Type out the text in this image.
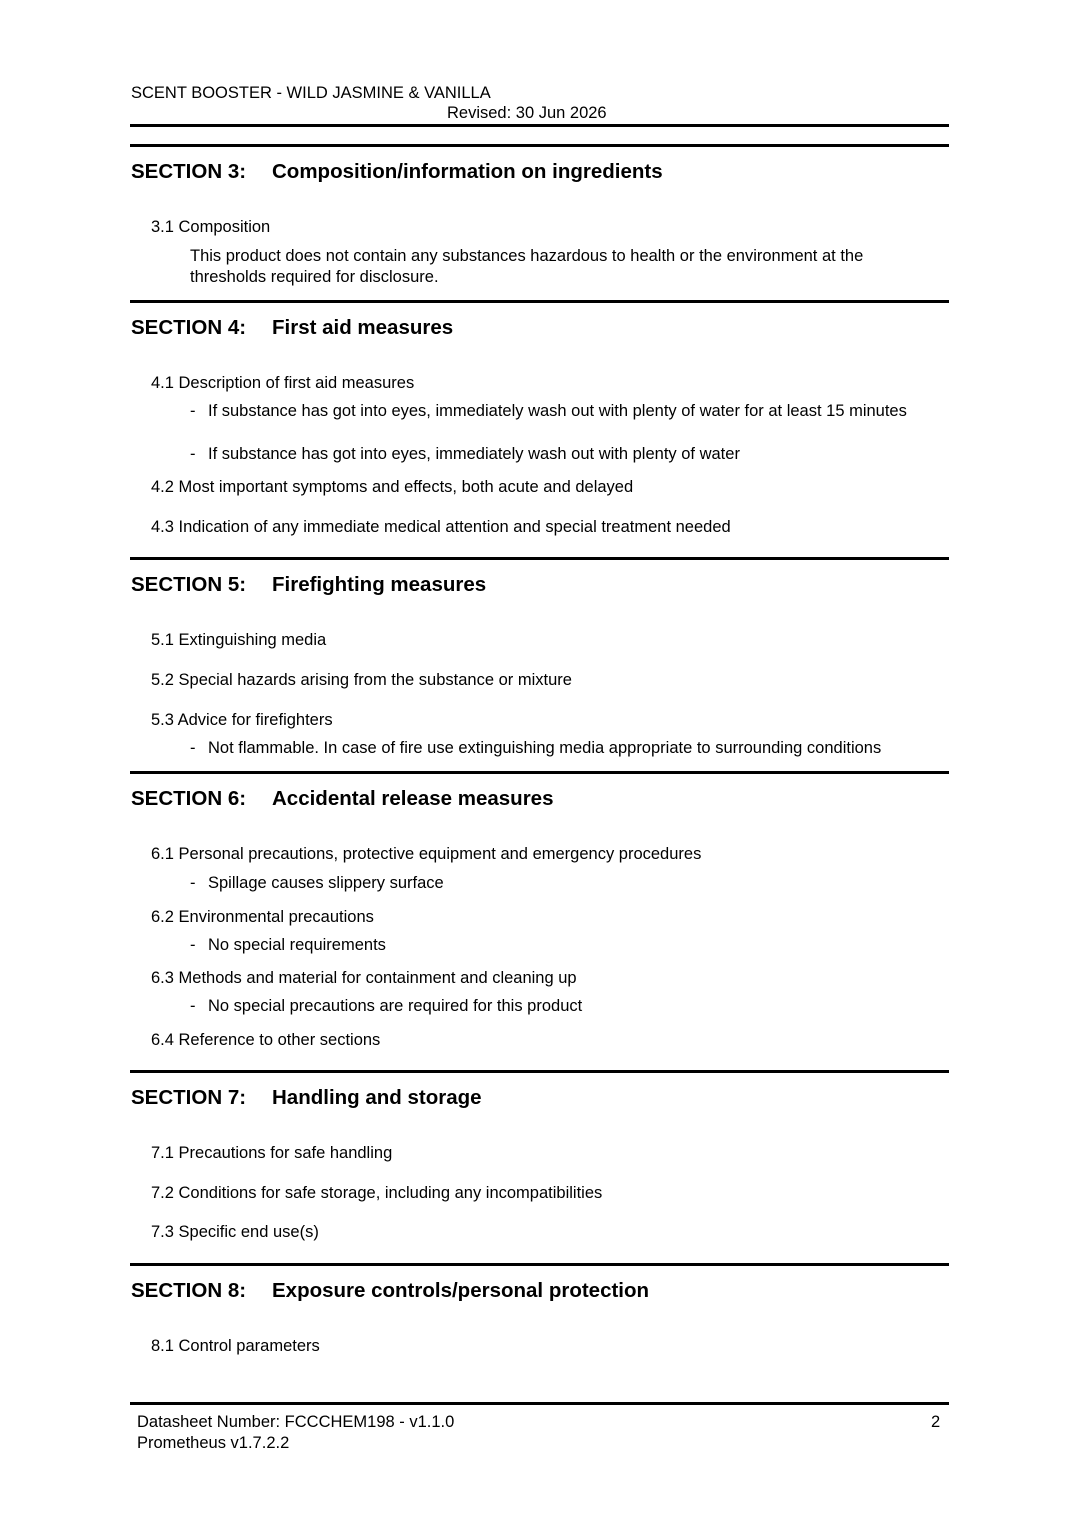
SCENT BOOSTER - WILD JASMINE & VANILLA
Revised: 30 Jun 2026
SECTION 3: Composition/information on ingredients
3.1 Composition
This product does not contain any substances hazardous to health or the environment at the thresholds required for disclosure.
SECTION 4: First aid measures
4.1 Description of first aid measures
- If substance has got into eyes, immediately wash out with plenty of water for at least 15 minutes
- If substance has got into eyes, immediately wash out with plenty of water
4.2 Most important symptoms and effects, both acute and delayed
4.3 Indication of any immediate medical attention and special treatment needed
SECTION 5: Firefighting measures
5.1 Extinguishing media
5.2 Special hazards arising from the substance or mixture
5.3 Advice for firefighters
- Not flammable. In case of fire use extinguishing media appropriate to surrounding conditions
SECTION 6: Accidental release measures
6.1 Personal precautions, protective equipment and emergency procedures
- Spillage causes slippery surface
6.2 Environmental precautions
- No special requirements
6.3 Methods and material for containment and cleaning up
- No special precautions are required for this product
6.4 Reference to other sections
SECTION 7: Handling and storage
7.1 Precautions for safe handling
7.2 Conditions for safe storage, including any incompatibilities
7.3 Specific end use(s)
SECTION 8: Exposure controls/personal protection
8.1 Control parameters
Datasheet Number: FCCCHEM198 - v1.1.0
Prometheus v1.7.2.2
2
